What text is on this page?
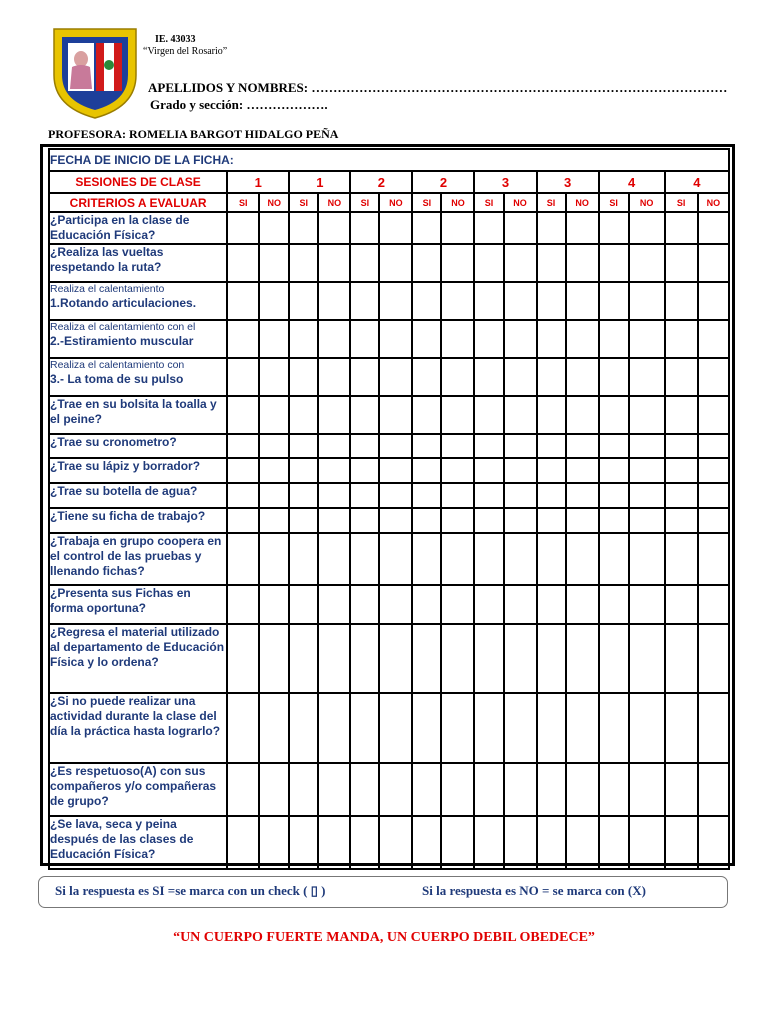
IE. 43033
“Virgen del Rosario”
APELLIDOS Y NOMBRES: ……………………………………………………………………………………
Grado y sección: ……………….
PROFESORA: ROMELIA BARGOT HIDALGO PEÑA
FECHA DE INICIO DE LA FICHA:																
SESIONES DE CLASE	1		1		2		2		3		3		4		4	
CRITERIOS A EVALUAR	SI	NO	SI	NO	SI	NO	SI	NO	SI	NO	SI	NO	SI	NO	SI	NO

¿Participa en la clase de Educación Física?																

¿Realiza las vueltas respetando la ruta?																

Realiza el calentamiento
1.Rotando articulaciones.																

Realiza el calentamiento con el
2.-Estiramiento muscular																

Realiza el calentamiento con
3.- La toma de su pulso																

¿Trae en su bolsita la toalla y el peine?																

¿Trae su cronometro?																

¿Trae su lápiz y borrador?																

¿Trae su botella de agua?																

¿Tiene su ficha de trabajo?																

¿Trabaja en grupo coopera en el control de las pruebas y llenando fichas?																

¿Presenta sus Fichas en forma oportuna?																

¿Regresa el material utilizado al departamento de Educación Física y lo ordena?																

¿Si no puede realizar una actividad durante la clase del día la práctica hasta lograrlo?																

¿Es respetuoso(A) con sus compañeros y/o compañeras de grupo?																

¿Se lava, seca y peina después de las clases de Educación Física?																

Si la respuesta es SI =se marca con un check ( ▯ )	Si la respuesta es NO = se marca con (X)
“UN CUERPO FUERTE MANDA, UN CUERPO DEBIL OBEDECE”
